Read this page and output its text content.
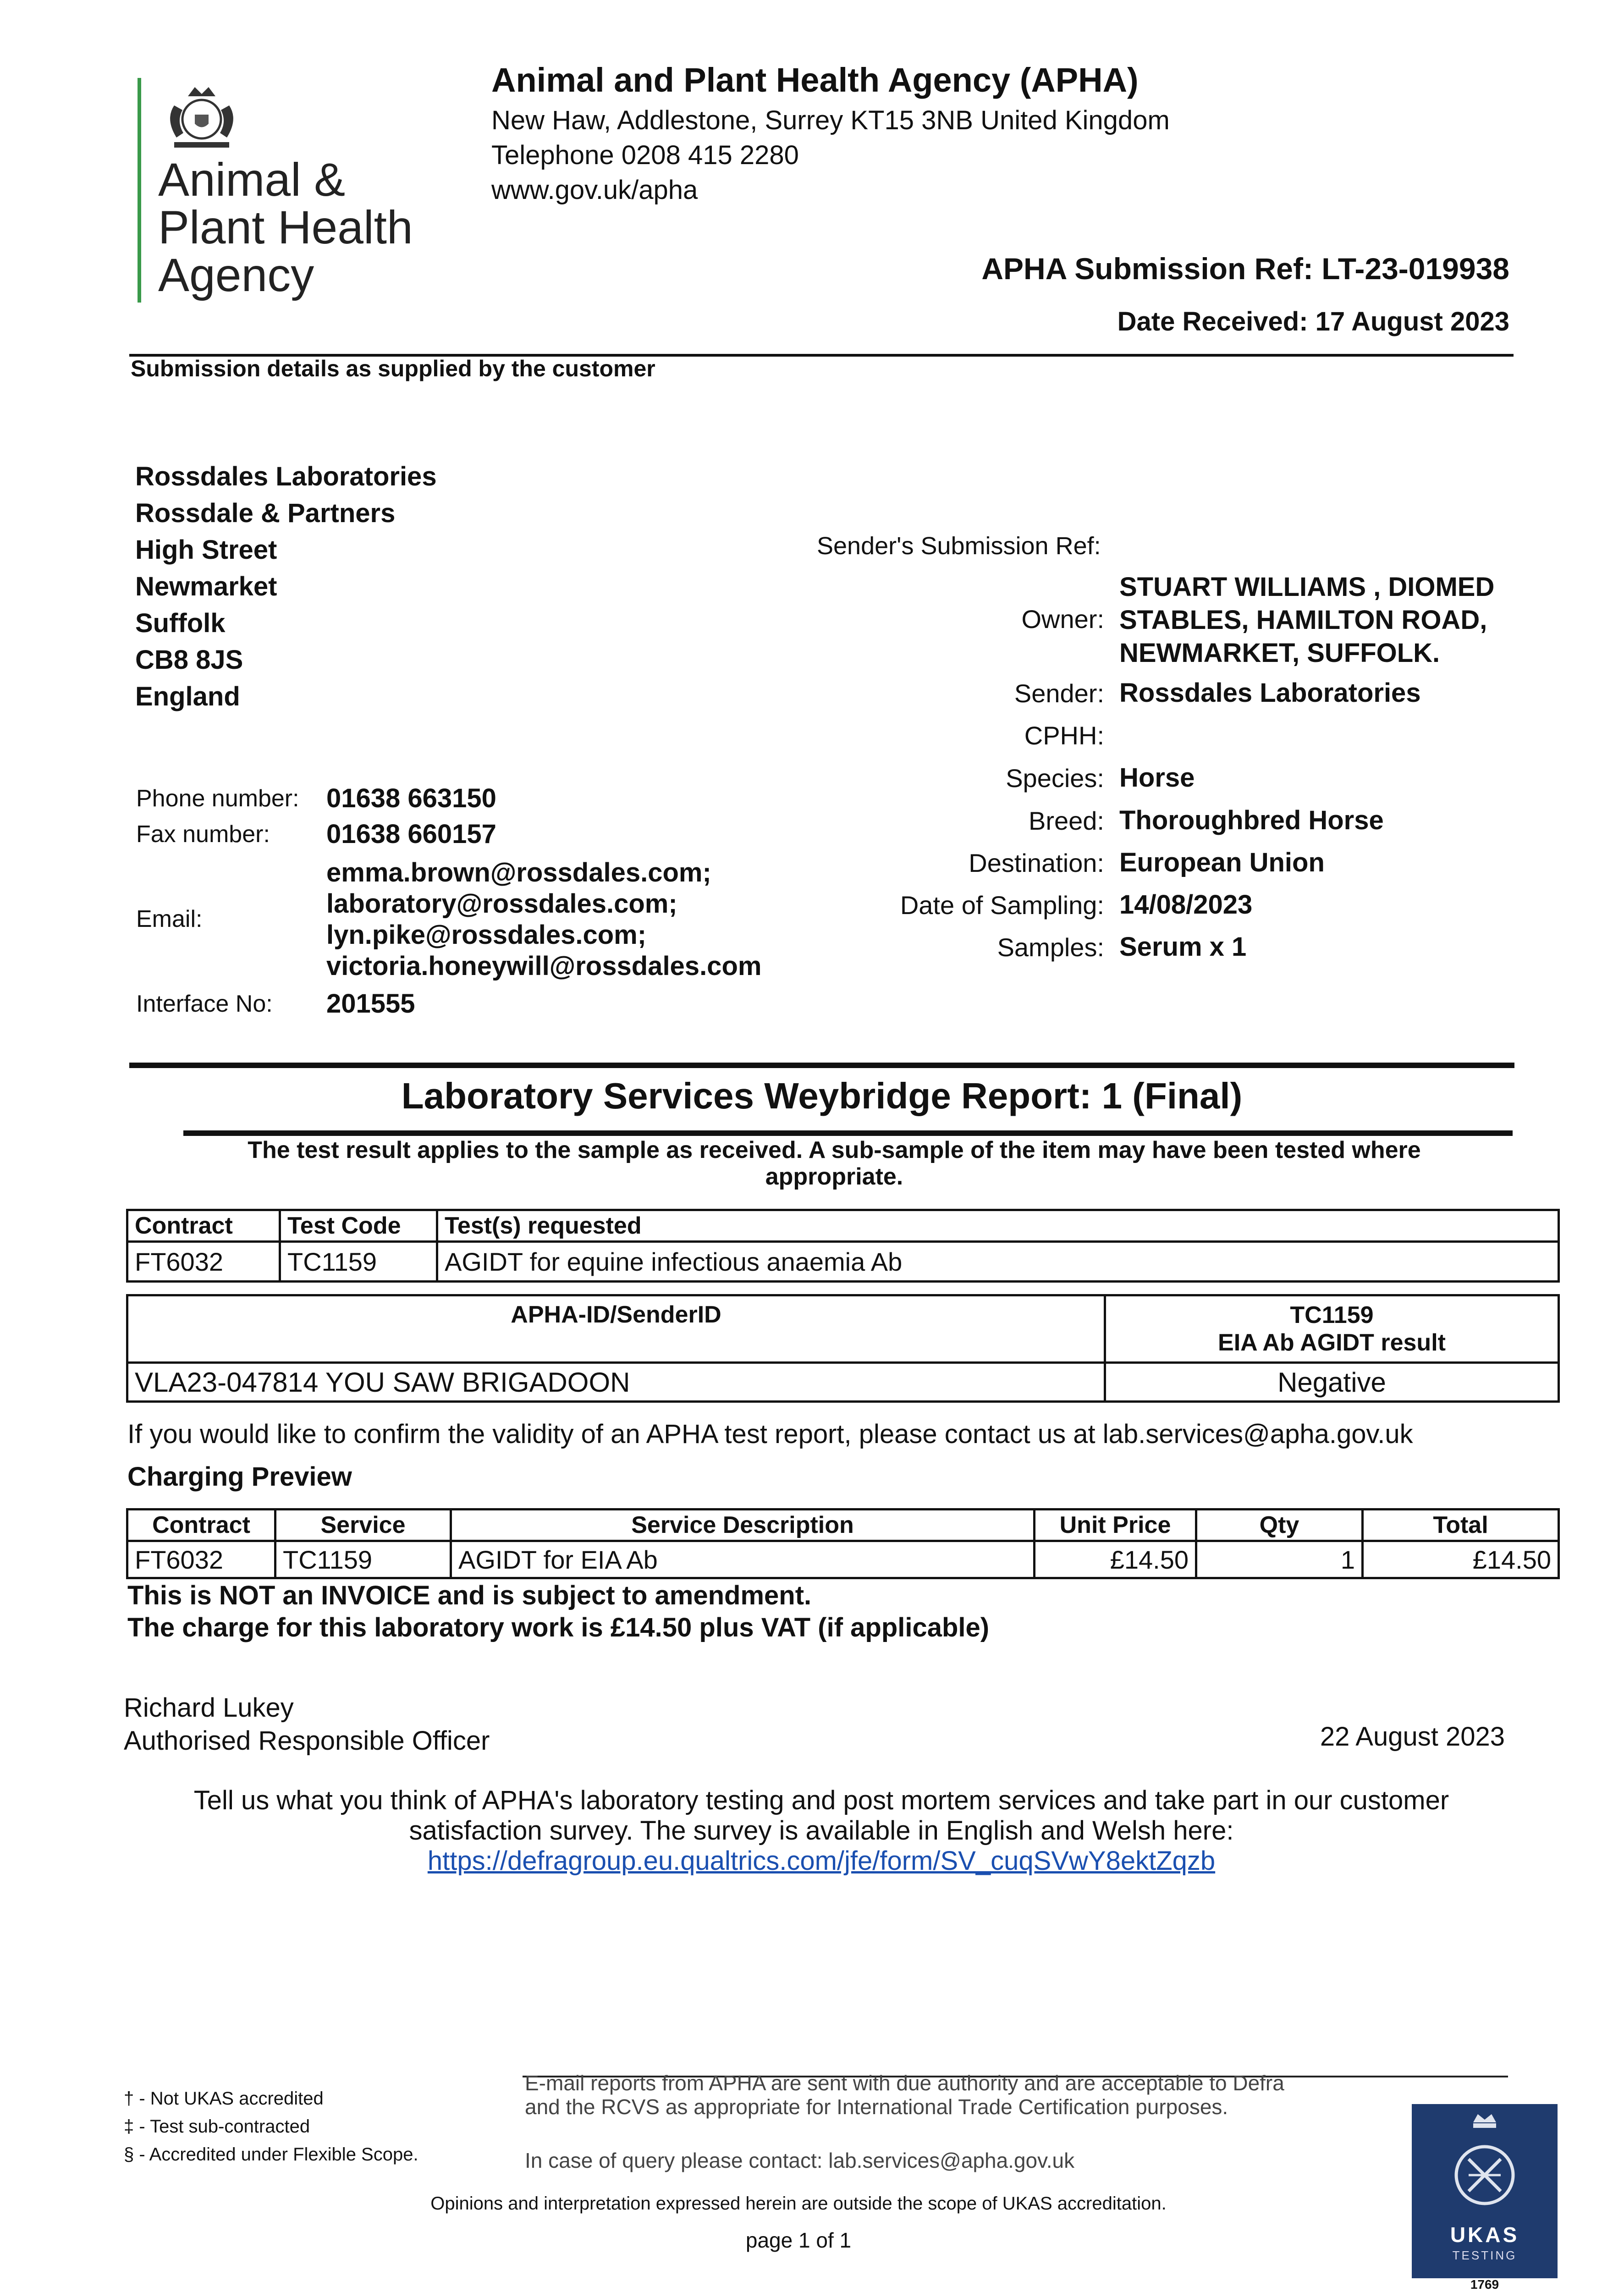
Animal &
Plant Health
Agency
Animal and Plant Health Agency (APHA)
New Haw, Addlestone, Surrey KT15 3NB United Kingdom
Telephone 0208 415 2280
www.gov.uk/apha
APHA Submission Ref: LT-23-019938
Date Received: 17 August 2023
Submission details as supplied by the customer
Rossdales Laboratories
Rossdale & Partners
High Street
Newmarket
Suffolk
CB8 8JS
England
Phone number: 01638 663150
Fax number: 01638 660157
Email:
emma.brown@rossdales.com;
laboratory@rossdales.com;
lyn.pike@rossdales.com;
victoria.honeywill@rossdales.com
Interface No: 201555
Sender's Submission Ref:
Owner:
STUART WILLIAMS , DIOMED
STABLES, HAMILTON ROAD,
NEWMARKET, SUFFOLK.
Sender: Rossdales Laboratories
CPHH:
Species: Horse
Breed: Thoroughbred Horse
Destination: European Union
Date of Sampling: 14/08/2023
Samples: Serum x 1
Laboratory Services Weybridge Report: 1 (Final)
The test result applies to the sample as received. A sub-sample of the item may have been tested where appropriate.
Contract	Test Code	Test(s) requested
FT6032	TC1159	AGIDT for equine infectious anaemia Ab
APHA-ID/SenderID	TC1159
EIA Ab AGIDT result

VLA23-047814 YOU SAW BRIGADOON	Negative
If you would like to confirm the validity of an APHA test report, please contact us at lab.services@apha.gov.uk
Charging Preview
Contract	Service	Service Description	Unit Price	Qty	Total
FT6032	TC1159	AGIDT for EIA Ab	£14.50	1	£14.50
This is NOT an INVOICE and is subject to amendment.
The charge for this laboratory work is £14.50 plus VAT (if applicable)
Richard Lukey
Authorised Responsible Officer	22 August 2023
Tell us what you think of APHA's laboratory testing and post mortem services and take part in our customer
satisfaction survey. The survey is available in English and Welsh here:
https://defragroup.eu.qualtrics.com/jfe/form/SV_cuqSVwY8ektZqzb
† - Not UKAS accredited
‡ - Test sub-contracted
§ - Accredited under Flexible Scope.
E-mail reports from APHA are sent with due authority and are acceptable to Defra and the RCVS as appropriate for International Trade Certification purposes.
In case of query please contact: lab.services@apha.gov.uk
Opinions and interpretation expressed herein are outside the scope of UKAS accreditation.
page 1 of 1	UKAS
TESTING
1769
